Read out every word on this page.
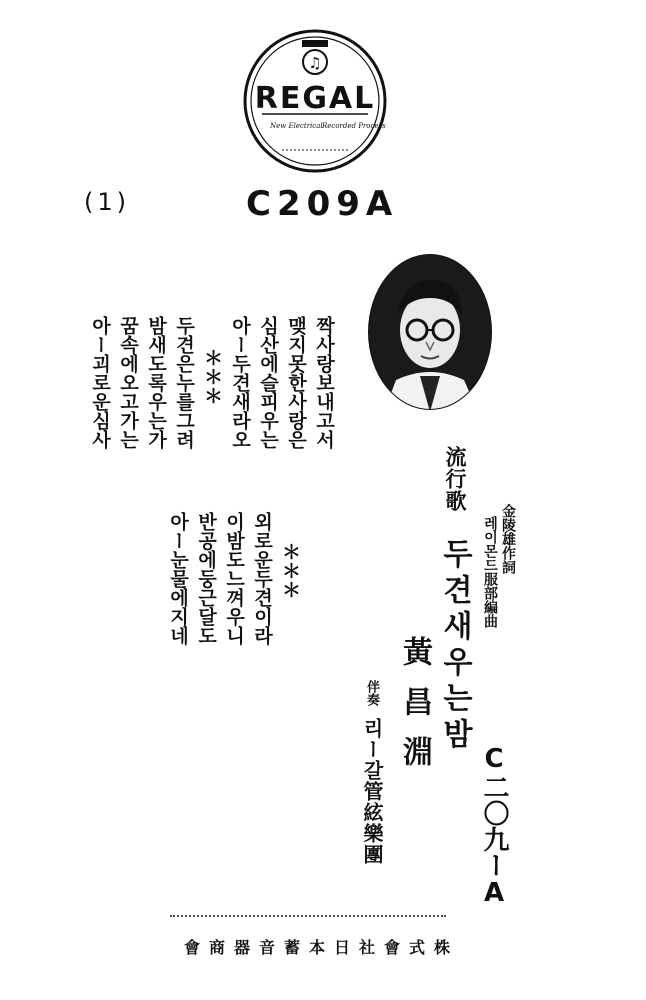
♫
REGAL
New Electrical Recorded Process
(1)	C209A
짝사랑보내고서
맺지못한사랑은
심산에슬피우는
아ー두견새라오
＊＊＊
두견은누를그려
밤새도록우는가
꿈속에오고가는
아ー괴로운심사
＊＊＊
외로운두견이라
이밤도느껴우니
반공에둥근달도
아ー눈물에지네
流行歌
두견새우는밤 金陵雄作詞
레이몬드服部編曲
黃昌淵
伴奏
리ー갈管絃樂團	C二〇九ーA
會商器音蓄本日社會式株
